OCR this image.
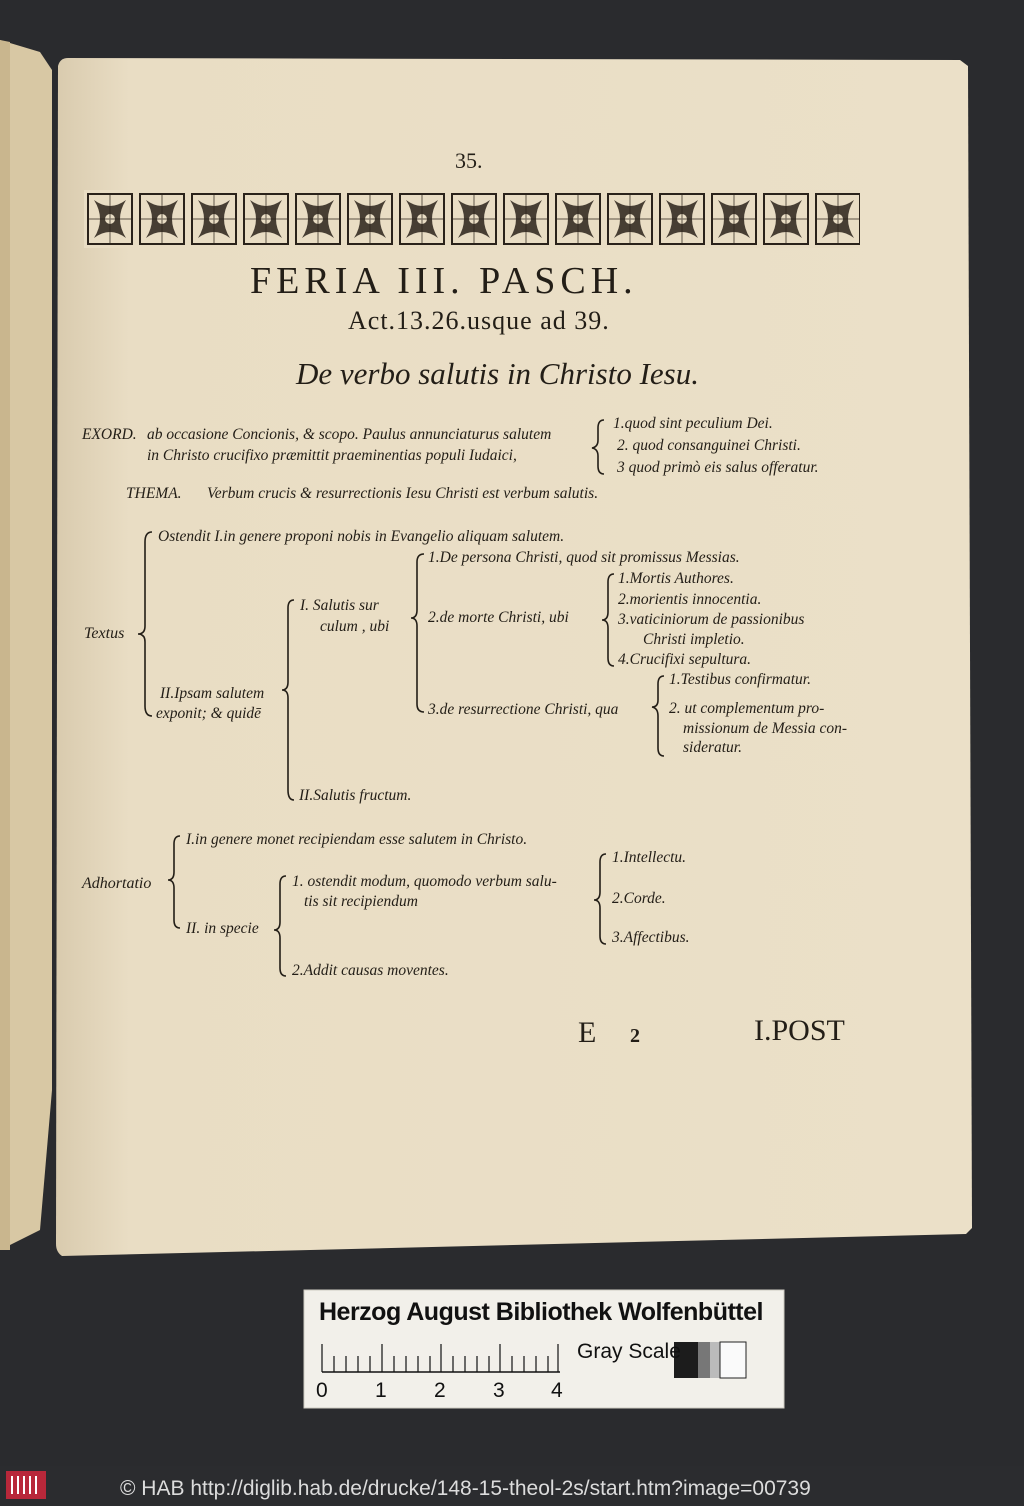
35.
FERIA III. PASCH.
Act.13.26.usque ad 39.
De verbo salutis in Christo Iesu.
EXORD. ab occasione Concionis, & scopo. Paulus annunciaturus salutem
in Christo crucifixo præmittit praeminentias populi Iudaici,
1.quod sint peculium Dei.
2. quod consanguinei Christi.
3 quod primò eis salus offeratur.
THEMA. Verbum crucis & resurrectionis Iesu Christi est verbum salutis.
Textus
Ostendit I.in genere proponi nobis in Evangelio aliquam salutem.
II.Ipsam salutem
exponit; & quidē
I. Salutis sur
culum , ubi
1.De persona Christi, quod sit promissus Messias.
2.de morte Christi, ubi
1.Mortis Authores.
2.morientis innocentia.
3.vaticiniorum de passionibus
Christi impletio.
4.Crucifixi sepultura.
3.de resurrectione Christi, qua
1.Testibus confirmatur.
2. ut complementum pro-
missionum de Messia con-
sideratur.
II.Salutis fructum.
Adhortatio
I.in genere monet recipiendam esse salutem in Christo.
II. in specie
1. ostendit modum, quomodo verbum salu-
tis sit recipiendum
1.Intellectu.
2.Corde.
3.Affectibus.
2.Addit causas moventes.
E 2	I.POST
Herzog August Bibliothek Wolfenbüttel
Gray Scale
0 1 2 3 4
© HAB http://diglib.hab.de/drucke/148-15-theol-2s/start.htm?image=00739
